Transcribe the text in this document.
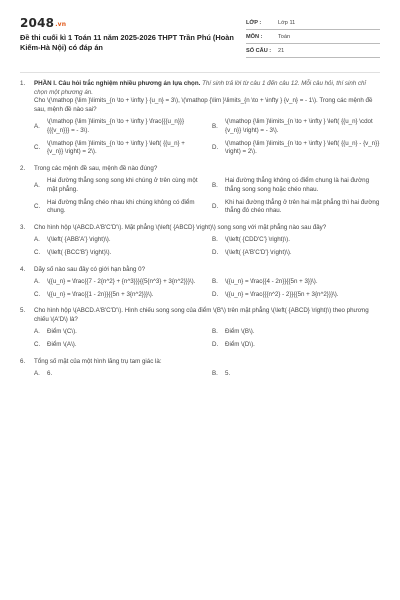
2048.vn
Đề thi cuối kì 1 Toán 11 năm 2025-2026 THPT Trần Phú (Hoàn Kiếm-Hà Nội) có đáp án
LỚP :	Lớp 11
MÔN :	Toán
SỐ CÂU :	21
1.	PHẦN I. Câu hỏi trắc nghiệm nhiều phương án lựa chọn. Thí sinh trả lời từ câu 1 đến câu 12. Mỗi câu hỏi, thí sinh chỉ chọn một phương án.
Cho \(\mathop {\lim }\limits_{n \to + \infty } {u_n} = 3\), \(\mathop {\lim }\limits_{n \to + \infty } {v_n} = - 1\). Trong các mệnh đề sau, mệnh đề nào sai?
A.
\(\mathop {\lim }\limits_{n \to + \infty } \frac{{{u_n}}}{{{v_n}}} = - 3\).
B.
\(\mathop {\lim }\limits_{n \to + \infty } \left( {{u_n} \cdot {v_n}} \right) = - 3\).
C.
\(\mathop {\lim }\limits_{n \to + \infty } \left( {{u_n} + {v_n}} \right) = 2\).
D.
\(\mathop {\lim }\limits_{n \to + \infty } \left( {{u_n} - {v_n}} \right) = 2\).
2.	Trong các mệnh đề sau, mệnh đề nào đúng?
A.
Hai đường thẳng song song khi chúng ở trên cùng một mặt phẳng.
B.
Hai đường thẳng không có điểm chung là hai đường thẳng song song hoặc chéo nhau.
C.
Hai đường thẳng chéo nhau khi chúng không có điểm chung.
D.
Khi hai đường thẳng ở trên hai mặt phẳng thì hai đường thẳng đó chéo nhau.
3.	Cho hình hộp \(ABCD.A'B'C'D'\). Mặt phẳng \(\left( {ABCD} \right)\) song song với mặt phẳng nào sau đây?
A.	\(\left( {ABB'A'} \right)\).	B.	\(\left( {CDD'C'} \right)\).
C.	\(\left( {BCC'B'} \right)\).	D.	\(\left( {A'B'C'D'} \right)\).
4.	Dãy số nào sau đây có giới hạn bằng 0?
A.	\({u_n} = \frac{{7 - 2{n^2} + {n^3}}}{{5{n^3} + 3{n^2}}}\).	B.	\({u_n} = \frac{{4 - 2n}}{{5n + 3}}\).
C.	\({u_n} = \frac{{1 - 2n}}{{5n + 3{n^2}}}\).	D.	\({u_n} = \frac{{{n^2} - 2}}{{5n + 3{n^2}}}\).
5.	Cho hình hộp \(ABCD.A'B'C'D'\). Hình chiếu song song của điểm \(B'\) trên mặt phẳng \(\left( {ABCD} \right)\) theo phương chiếu \(A'D\) là?
A.	Điểm \(C\).	B.	Điểm \(B\).
C.	Điểm \(A\).	D.	Điểm \(D\).
6.	Tổng số mặt của một hình lăng trụ tam giác là:
A.	6.	B.	5.
